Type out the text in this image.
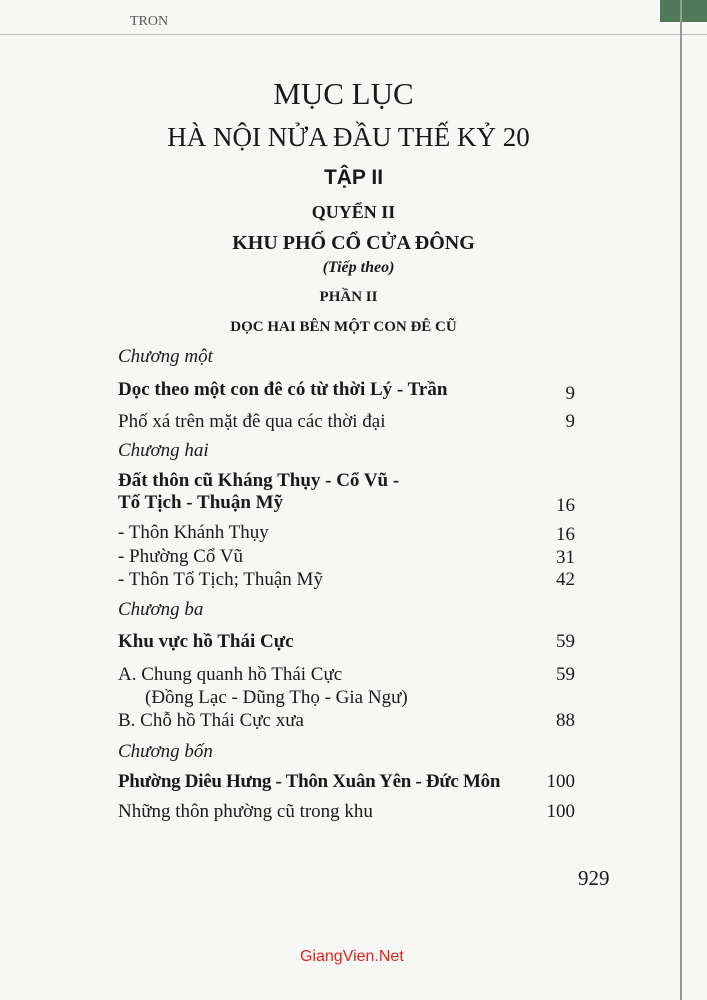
TRON
MỤC LỤC
HÀ NỘI NỬA ĐẦU THẾ KỶ 20
TẬP II
QUYỂN II
KHU PHỐ CỔ CỬA ĐÔNG
(Tiếp theo)
PHẦN II
DỌC HAI BÊN MỘT CON ĐÊ CŨ
Chương một
Dọc theo một con đê có từ thời Lý - Trần	9
Phố xá trên mặt đê qua các thời đại	9
Chương hai
Đất thôn cũ Kháng Thụy - Cổ Vũ -
Tố Tịch - Thuận Mỹ	16
- Thôn Khánh Thụy	16
- Phường Cổ Vũ	31
- Thôn Tố Tịch; Thuận Mỹ	42
Chương ba
Khu vực hồ Thái Cực	59
A. Chung quanh hồ Thái Cực	59
(Đồng Lạc - Dũng Thọ - Gia Ngư)
B. Chỗ hồ Thái Cực xưa	88
Chương bốn
Phường Diêu Hưng - Thôn Xuân Yên - Đức Môn 100
Những thôn phường cũ trong khu	100
929
GiangVien.Net
